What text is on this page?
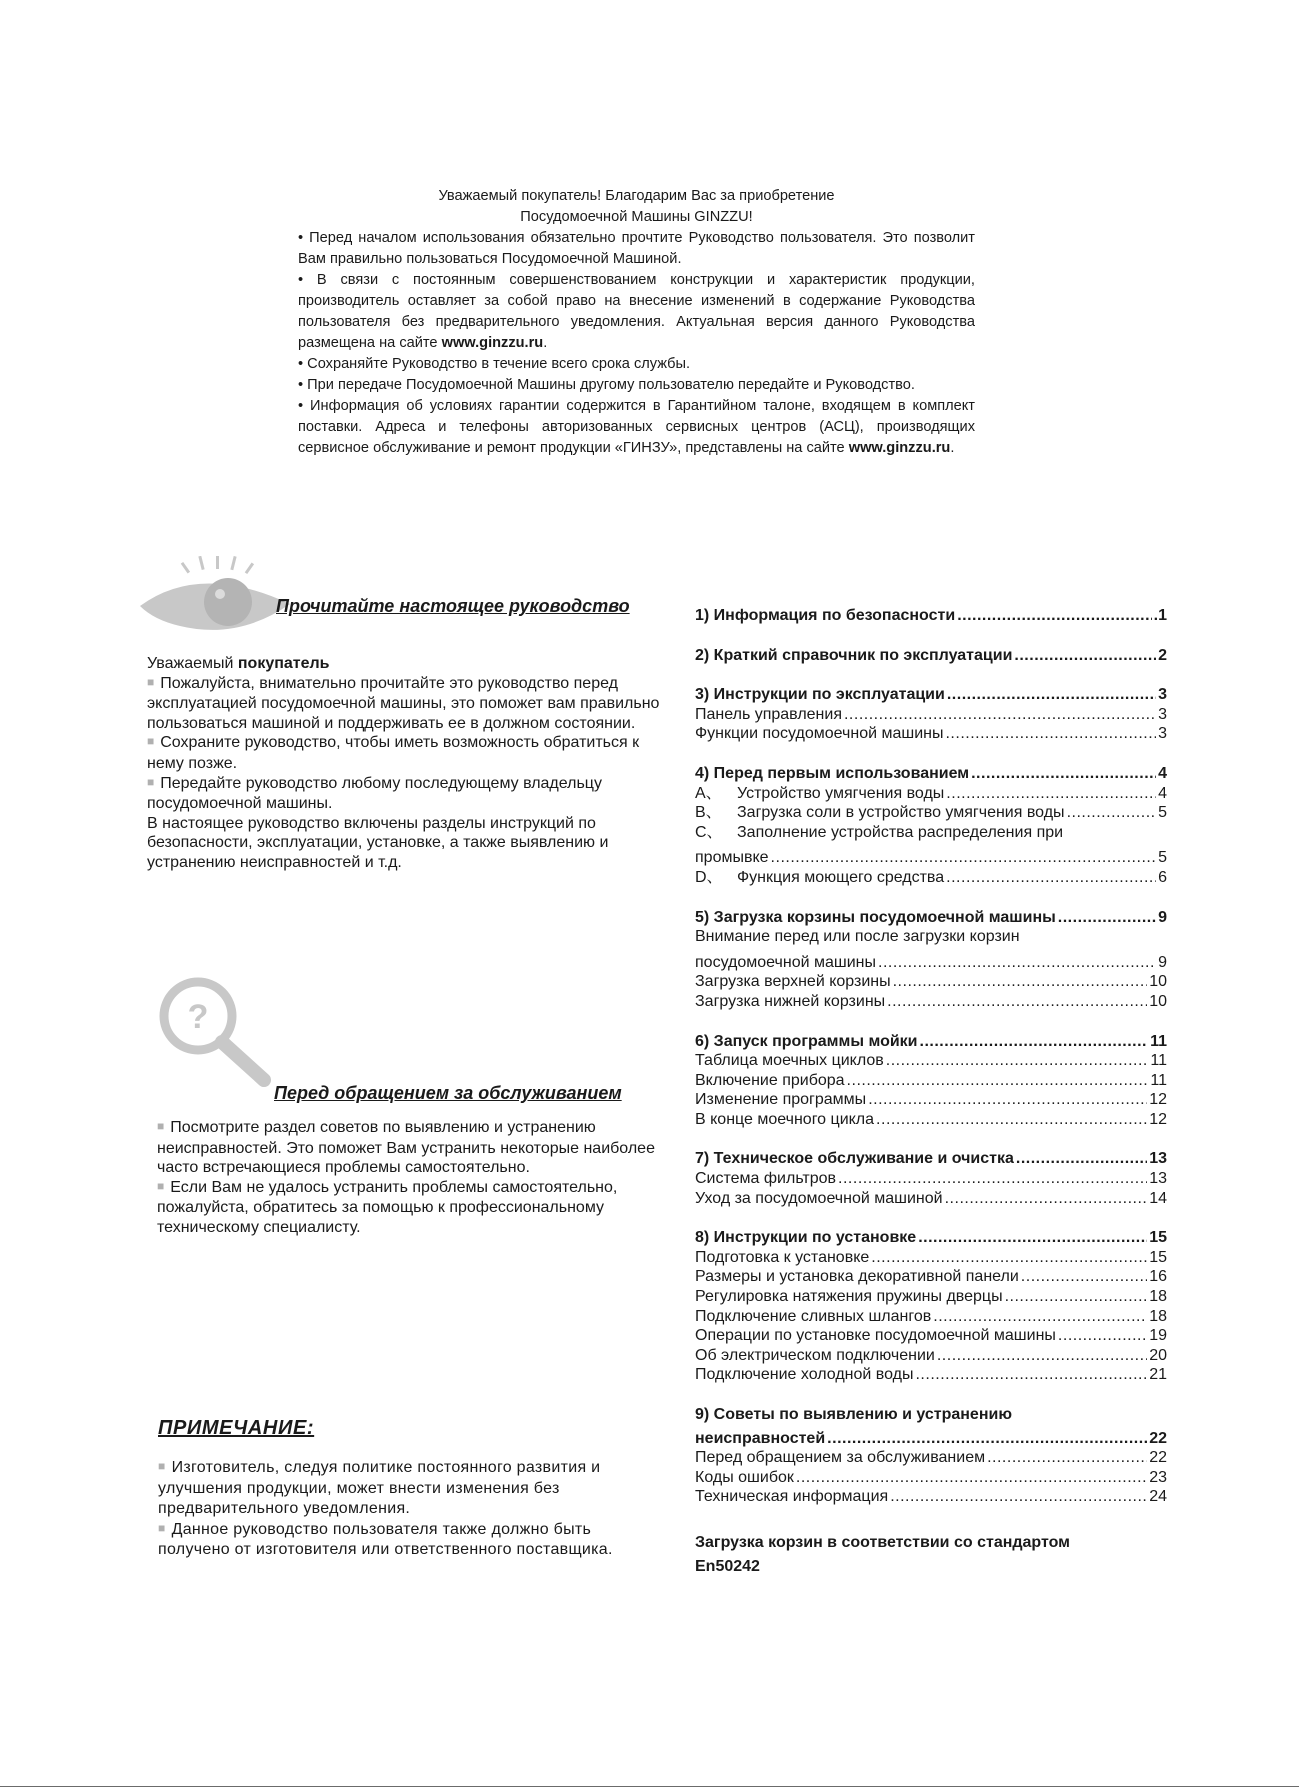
Уважаемый покупатель! Благодарим Вас за приобретение
Посудомоечной Машины GINZZU!
• Перед началом использования обязательно прочтите Руководство пользователя. Это позволит Вам правильно пользоваться Посудомоечной Машиной.
• В связи с постоянным совершенствованием конструкции и характеристик продукции, производитель оставляет за собой право на внесение изменений в содержание Руководства пользователя без предварительного уведомления. Актуальная версия данного Руководства размещена на сайте www.ginzzu.ru.
• Сохраняйте Руководство в течение всего срока службы.
• При передаче Посудомоечной Машины другому пользователю передайте и Руководство.
• Информация об условиях гарантии содержится в Гарантийном талоне, входящем в комплект поставки. Адреса и телефоны авторизованных сервисных центров (АСЦ), производящих сервисное обслуживание и ремонт продукции «ГИНЗУ», представлены на сайте www.ginzzu.ru.
Прочитайте настоящее руководство
Уважаемый покупатель
■ Пожалуйста, внимательно прочитайте это руководство перед эксплуатацией посудомоечной машины, это поможет вам правильно пользоваться машиной и поддерживать ее в должном состоянии.
■ Сохраните руководство, чтобы иметь возможность обратиться к нему позже.
■ Передайте руководство любому последующему владельцу посудомоечной машины.
В настоящее руководство включены разделы инструкций по безопасности, эксплуатации, установке, а также выявлению и устранению неисправностей и т.д.
?
Перед обращением за обслуживанием
■ Посмотрите раздел советов по выявлению и устранению неисправностей. Это поможет Вам устранить некоторые наиболее часто встречающиеся проблемы самостоятельно.
■ Если Вам не удалось устранить проблемы самостоятельно, пожалуйста, обратитесь за помощью к профессиональному техническому специалисту.
ПРИМЕЧАНИЕ:
■ Изготовитель, следуя политике постоянного развития и улучшения продукции, может внести изменения без предварительного уведомления.
■ Данное руководство пользователя также должно быть получено от изготовителя или ответственного поставщика.
1) Информация по безопасности .....	.1
2) Краткий справочник по эксплуатации .....	2
3) Инструкции по эксплуатации .....	3
Панель управления .....	3
Функции посудомоечной машины .....	3
4) Перед первым использованием .....	4
A、 Устройство умягчения воды .....	4
B、 Загрузка соли в устройство умягчения воды .....	5
C、 Заполнение устройства распределения при
промывке .....	5
D、 Функция моющего средства .....	6
5) Загрузка корзины посудомоечной машины .....	9
Внимание перед или после загрузки корзин
посудомоечной машины .....	9
Загрузка верхней корзины .....	10
Загрузка нижней корзины .....	10
6) Запуск программы мойки .....	11
Таблица моечных циклов .....	11
Включение прибора .....	11
Изменение программы .....	12
В конце моечного цикла .....	12
7) Техническое обслуживание и очистка .....	13
Система фильтров .....	13
Уход за посудомоечной машиной .....	14
8) Инструкции по установке .....	15
Подготовка к установке .....	15
Размеры и установка декоративной панели .....	16
Регулировка натяжения пружины дверцы .....	18
Подключение сливных шлангов .....	18
Операции по установке посудомоечной машины .....	19
Об электрическом подключении .....	20
Подключение холодной воды .....	21
9) Советы по выявлению и устранению
неисправностей .....	22
Перед обращением за обслуживанием .....	22
Коды ошибок .....	23
Техническая информация .....	24
Загрузка корзин в соответствии со стандартом
En50242
